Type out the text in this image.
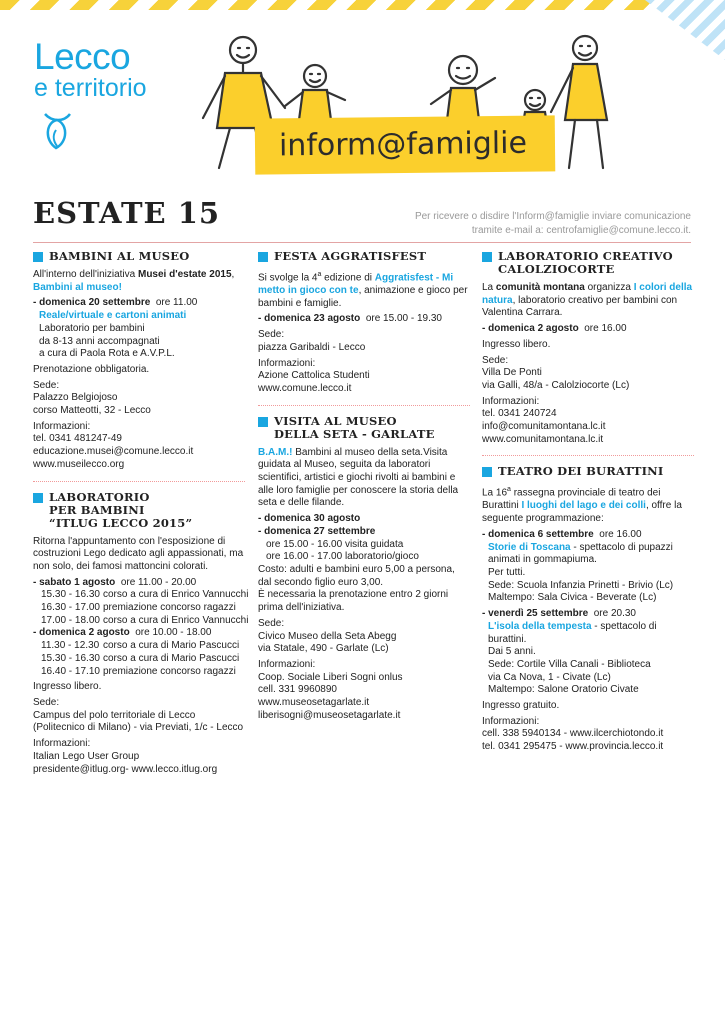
Lecco
e territorio
inform@famiglie
ESTATE 15	Per ricevere o disdire l'Inform@famiglie inviare comunicazione
tramite e-mail a: centrofamiglie@comune.lecco.it.
BAMBINI AL MUSEO
All'interno dell'iniziativa Musei d'estate 2015, Bambini al museo!
- domenica 20 settembre ore 11.00
Reale/virtuale e cartoni animati
Laboratorio per bambini
da 8-13 anni accompagnati
a cura di Paola Rota e A.V.P.L.
Prenotazione obbligatoria.
Sede:
Palazzo Belgiojoso
corso Matteotti, 32 - Lecco
Informazioni:
tel. 0341 481247-49
educazione.musei@comune.lecco.it
www.museilecco.org
LABORATORIO
PER BAMBINI
“ITLUG LECCO 2015”
Ritorna l'appuntamento con l'esposizione di costruzioni Lego dedicato agli appassionati, ma non solo, dei famosi mattoncini colorati.
- sabato 1 agosto ore 11.00 - 20.00
15.30 - 16.30 corso a cura di Enrico Vannucchi
16.30 - 17.00 premiazione concorso ragazzi
17.00 - 18.00 corso a cura di Enrico Vannucchi
- domenica 2 agosto ore 10.00 - 18.00
11.30 - 12.30 corso a cura di Mario Pascucci
15.30 - 16.30 corso a cura di Mario Pascucci
16.40 - 17.10 premiazione concorso ragazzi
Ingresso libero.
Sede:
Campus del polo territoriale di Lecco
(Politecnico di Milano) - via Previati, 1/c - Lecco
Informazioni:
Italian Lego User Group
presidente@itlug.org- www.lecco.itlug.org
FESTA AGGRATISFEST
Si svolge la 4$^a$ edizione di Aggratisfest - Mi metto in gioco con te, animazione e gioco per bambini e famiglie.
- domenica 23 agosto ore 15.00 - 19.30
Sede:
piazza Garibaldi - Lecco
Informazioni:
Azione Cattolica Studenti
www.comune.lecco.it
VISITA AL MUSEO
DELLA SETA - GARLATE
B.A.M.! Bambini al museo della seta.Visita guidata al Museo, seguita da laboratori scientifici, artistici e giochi rivolti ai bambini e alle loro famiglie per conoscere la storia della seta e delle filande.
- domenica 30 agosto
- domenica 27 settembre
ore 15.00 - 16.00 visita guidata
ore 16.00 - 17.00 laboratorio/gioco
Costo: adulti e bambini euro 5,00 a persona,
dal secondo figlio euro 3,00.
È necessaria la prenotazione entro 2 giorni
prima dell'iniziativa.
Sede:
Civico Museo della Seta Abegg
via Statale, 490 - Garlate (Lc)
Informazioni:
Coop. Sociale Liberi Sogni onlus
cell. 331 9960890
www.museosetagarlate.it
liberisogni@museosetagarlate.it
LABORATORIO CREATIVO
CALOLZIOCORTE
La comunità montana organizza I colori della natura, laboratorio creativo per bambini con Valentina Carrara.
- domenica 2 agosto ore 16.00
Ingresso libero.
Sede:
Villa De Ponti
via Galli, 48/a - Calolziocorte (Lc)
Informazioni:
tel. 0341 240724
info@comunitamontana.lc.it
www.comunitamontana.lc.it
TEATRO DEI BURATTINI
La 16$^a$ rassegna provinciale di teatro dei Burattini I luoghi del lago e dei colli, offre la seguente programmazione:
- domenica 6 settembre ore 16.00
Storie di Toscana - spettacolo di pupazzi
animati in gommapiuma.
Per tutti.
Sede: Scuola Infanzia Prinetti - Brivio (Lc)
Maltempo: Sala Civica - Beverate (Lc)
- venerdì 25 settembre ore 20.30
L'isola della tempesta - spettacolo di burattini.
Dai 5 anni.
Sede: Cortile Villa Canali - Biblioteca
via Ca Nova, 1 - Civate (Lc)
Maltempo: Salone Oratorio Civate
Ingresso gratuito.
Informazioni:
cell. 338 5940134 - www.ilcerchiotondo.it
tel. 0341 295475 - www.provincia.lecco.it
